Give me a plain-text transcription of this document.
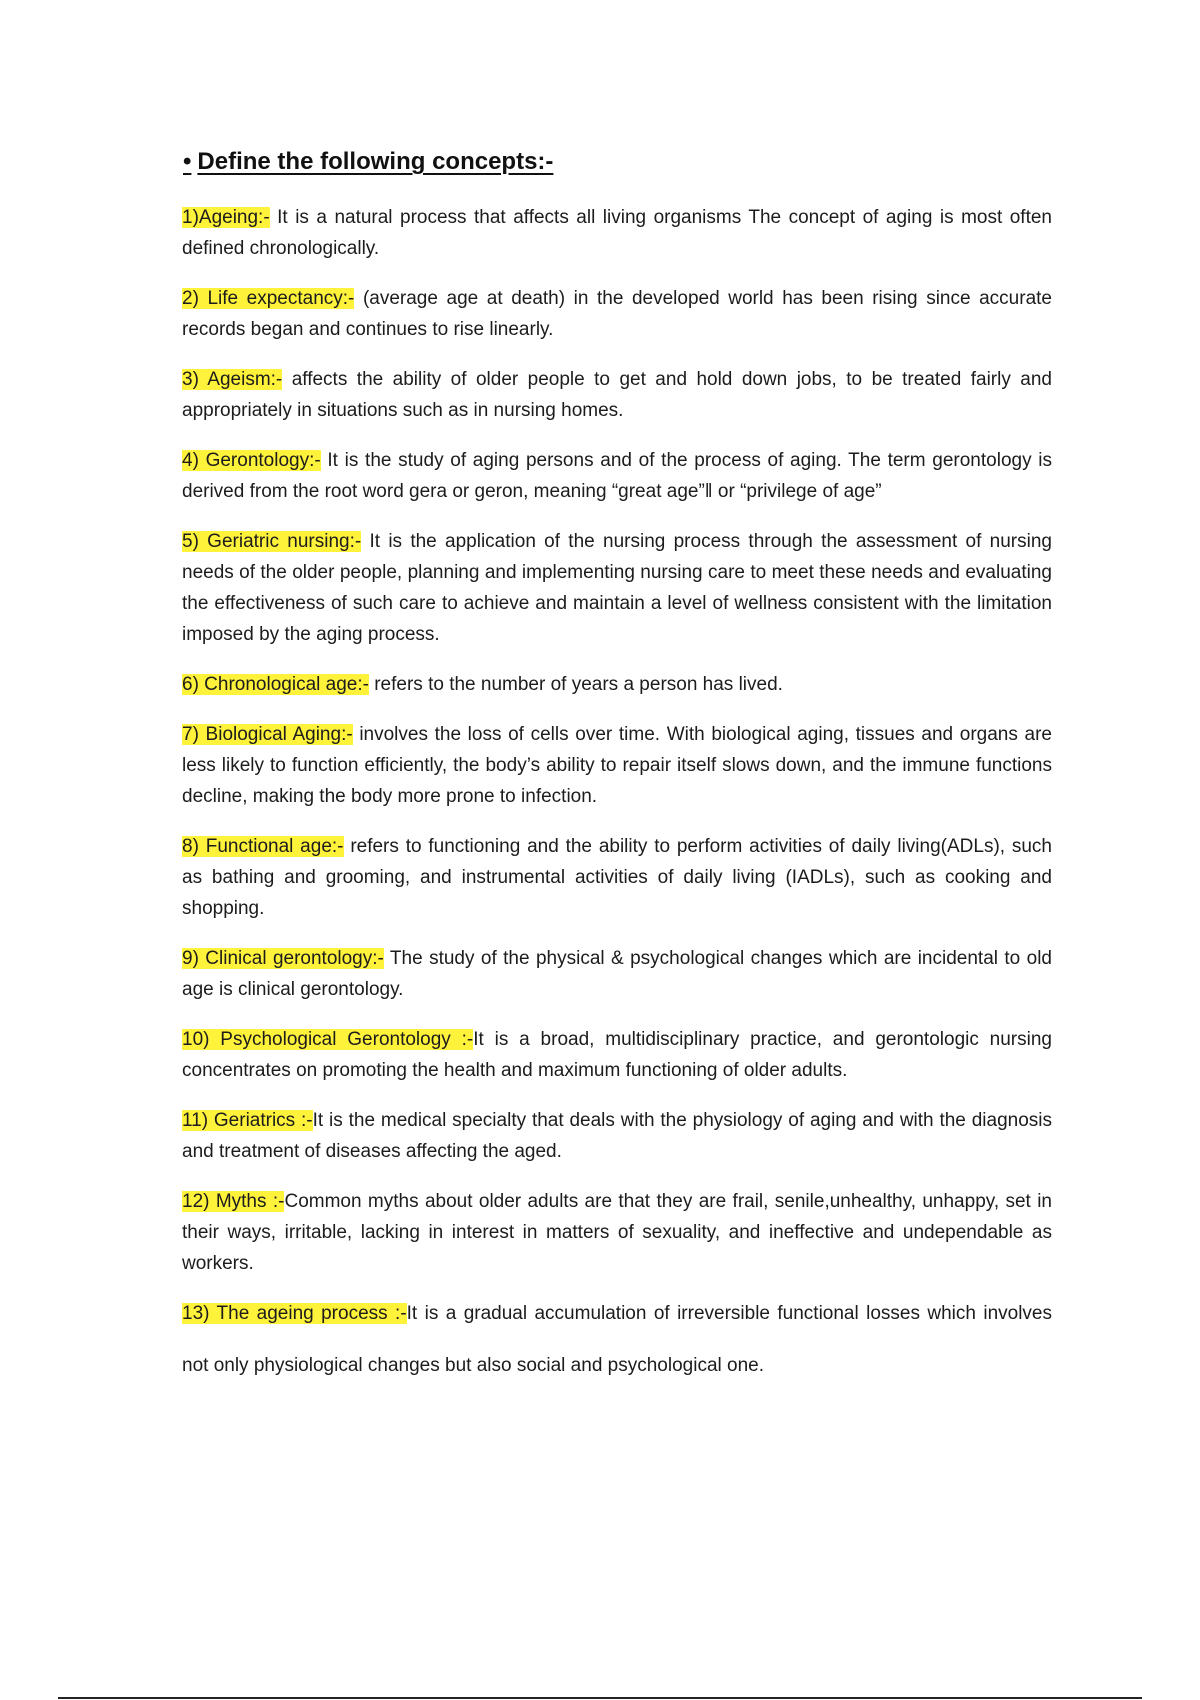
• Define the following concepts:-

1)Ageing:- It is a natural process that affects all living organisms The concept of aging is most often defined chronologically.

2) Life expectancy:- (average age at death) in the developed world has been rising since accurate records began and continues to rise linearly.

3) Ageism:- affects the ability of older people to get and hold down jobs, to be treated fairly and appropriately in situations such as in nursing homes.

4) Gerontology:- It is the study of aging persons and of the process of aging. The term gerontology is derived from the root word gera or geron, meaning “great age”‖ or “privilege of age”

5) Geriatric nursing:- It is the application of the nursing process through the assessment of nursing needs of the older people, planning and implementing nursing care to meet these needs and evaluating the effectiveness of such care to achieve and maintain a level of wellness consistent with the limitation imposed by the aging process.

6) Chronological age:- refers to the number of years a person has lived.

7) Biological Aging:- involves the loss of cells over time. With biological aging, tissues and organs are less likely to function efficiently, the body’s ability to repair itself slows down, and the immune functions decline, making the body more prone to infection.

8) Functional age:- refers to functioning and the ability to perform activities of daily living(ADLs), such as bathing and grooming, and instrumental activities of daily living (IADLs), such as cooking and shopping.

9) Clinical gerontology:- The study of the physical & psychological changes which are incidental to old age is clinical gerontology.

10) Psychological Gerontology :-It is a broad, multidisciplinary practice, and gerontologic nursing concentrates on promoting the health and maximum functioning of older adults.

11) Geriatrics :-It is the medical specialty that deals with the physiology of aging and with the diagnosis and treatment of diseases affecting the aged.

12) Myths :-Common myths about older adults are that they are frail, senile,unhealthy, unhappy, set in their ways, irritable, lacking in interest in matters of sexuality, and ineffective and undependable as workers.

13) The ageing process :-It is a gradual accumulation of irreversible functional losses which involves not only physiological changes but also social and psychological one.
